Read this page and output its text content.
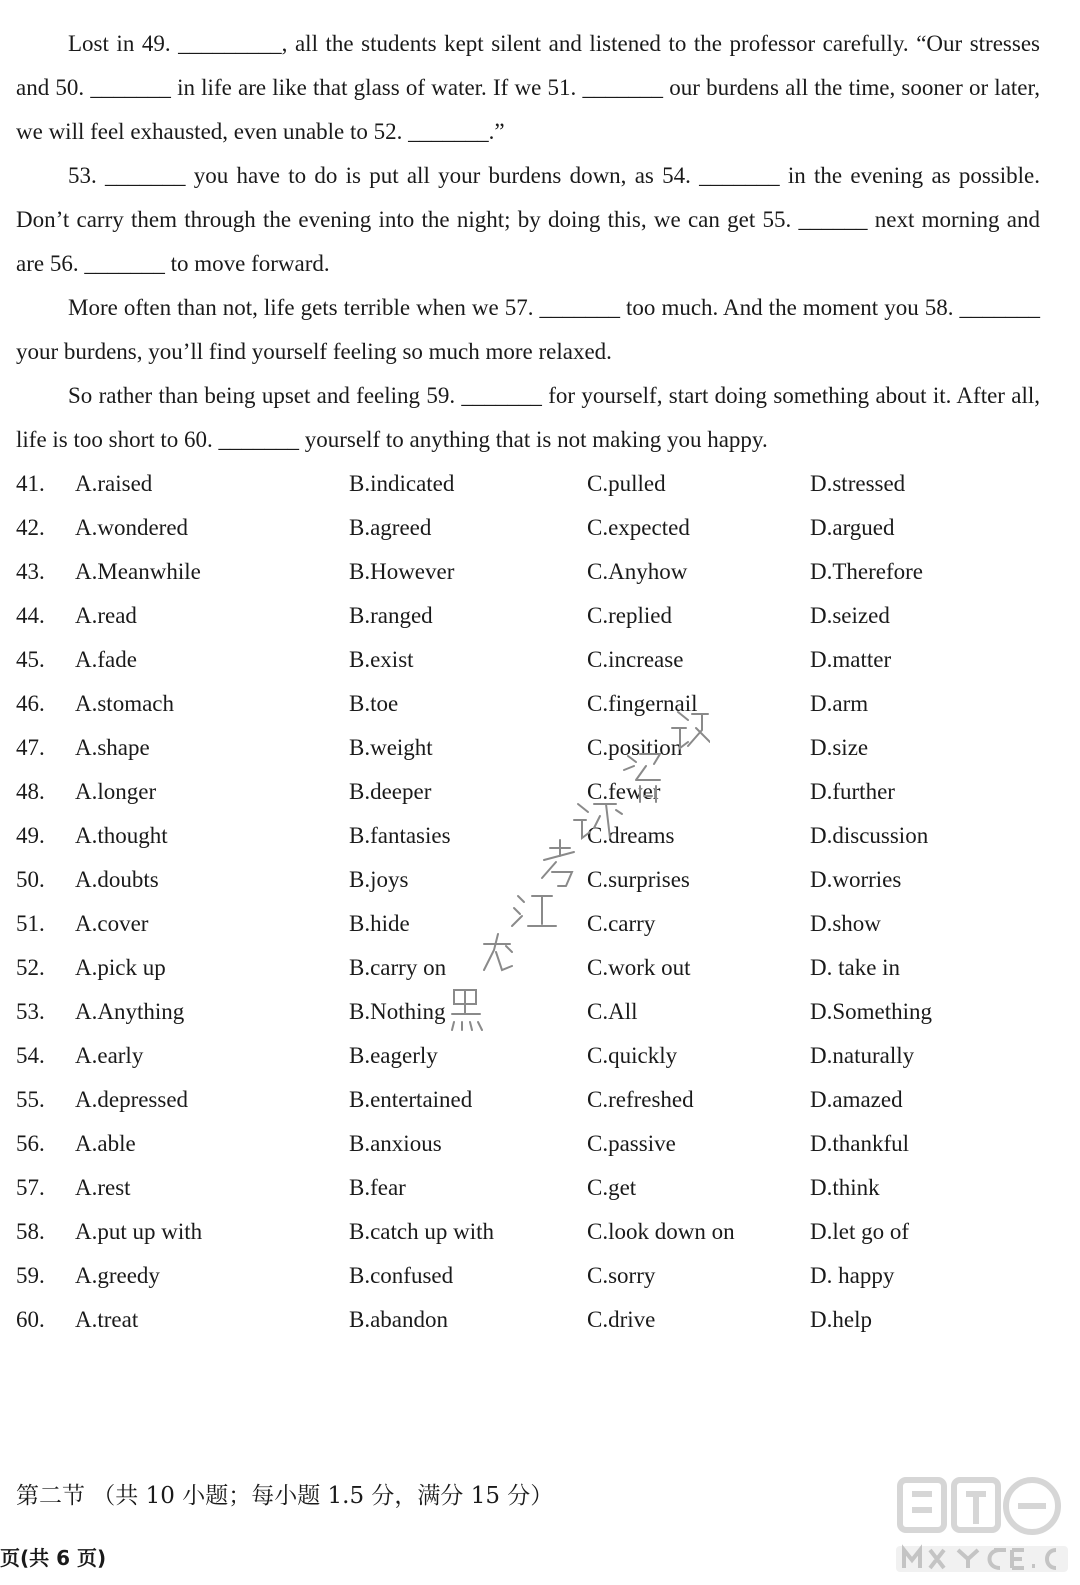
Lost in 49. _________, all the students kept silent and listened to the professor carefully. “Our stresses and 50. _______ in life are like that glass of water. If we 51. _______ our burdens all the time, sooner or later, we will feel exhausted, even unable to 52. _______.”

53. _______ you have to do is put all your burdens down, as 54. _______ in the evening as possible. Don’t carry them through the evening into the night; by doing this, we can get 55. ______ next morning and are 56. _______ to move forward.

More often than not, life gets terrible when we 57. _______ too much. And the moment you 58. _______ your burdens, you’ll find yourself feeling so much more relaxed.

So rather than being upset and feeling 59. _______ for yourself, start doing something about it. After all, life is too short to 60. _______ yourself to anything that is not making you happy.

41. A.raised	B.indicated	C.pulled	D.stressed
42. A.wondered	B.agreed	C.expected	D.argued
43. A.Meanwhile	B.However	C.Anyhow	D.Therefore
44. A.read	B.ranged	C.replied	D.seized
45. A.fade	B.exist	C.increase	D.matter
46. A.stomach	B.toe	C.fingernail	D.arm
47. A.shape	B.weight	C.position	D.size
48. A.longer	B.deeper	C.fewer	D.further
49. A.thought	B.fantasies	C.dreams	D.discussion
50. A.doubts	B.joys	C.surprises	D.worries
51. A.cover	B.hide	C.carry	D.show
52. A.pick up	B.carry on	C.work out	D. take in
53. A.Anything	B.Nothing	C.All	D.Something
54. A.early	B.eagerly	C.quickly	D.naturally
55. A.depressed	B.entertained	C.refreshed	D.amazed
56. A.able	B.anxious	C.passive	D.thankful
57. A.rest	B.fear	C.get	D.think
58. A.put up with	B.catch up with	C.look down on	D.let go of
59. A.greedy	B.confused	C.sorry	D. happy
60. A.treat	B.abandon	C.drive	D.help
第二节 （共 10 小题；每小题 1.5 分，满分 15 分）
页(共 6 页)
